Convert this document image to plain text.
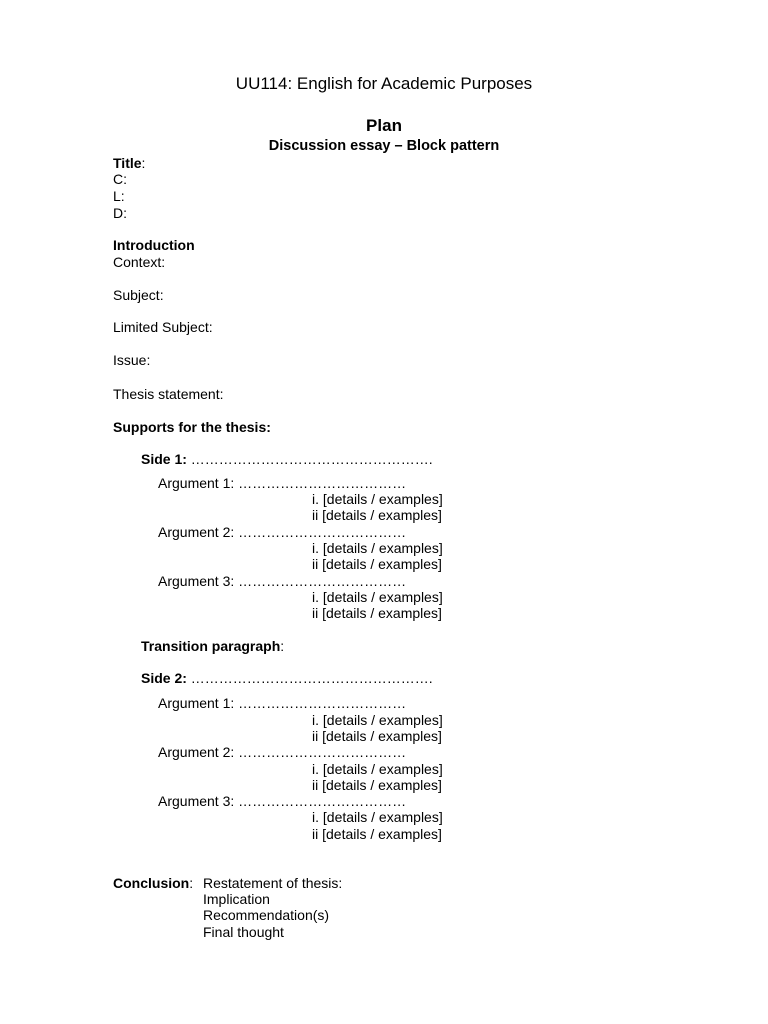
UU114: English for Academic Purposes
Plan
Discussion essay – Block pattern
Title:
C:
L:
D:
Introduction
Context:
Subject:
Limited Subject:
Issue:
Thesis statement:
Supports for the thesis:
Side 1: …………………………………………….
Argument 1: ………………………………
i. [details / examples]
ii [details / examples]
Argument 2: ………………………………
i. [details / examples]
ii [details / examples]
Argument 3: ………………………………
i. [details / examples]
ii [details / examples]
Transition paragraph:
Side 2: …………………………………………….
Argument 1: ………………………………
i. [details / examples]
ii [details / examples]
Argument 2: ………………………………
i. [details / examples]
ii [details / examples]
Argument 3: ………………………………
i. [details / examples]
ii [details / examples]
Conclusion: Restatement of thesis:
Implication
Recommendation(s)
Final thought
